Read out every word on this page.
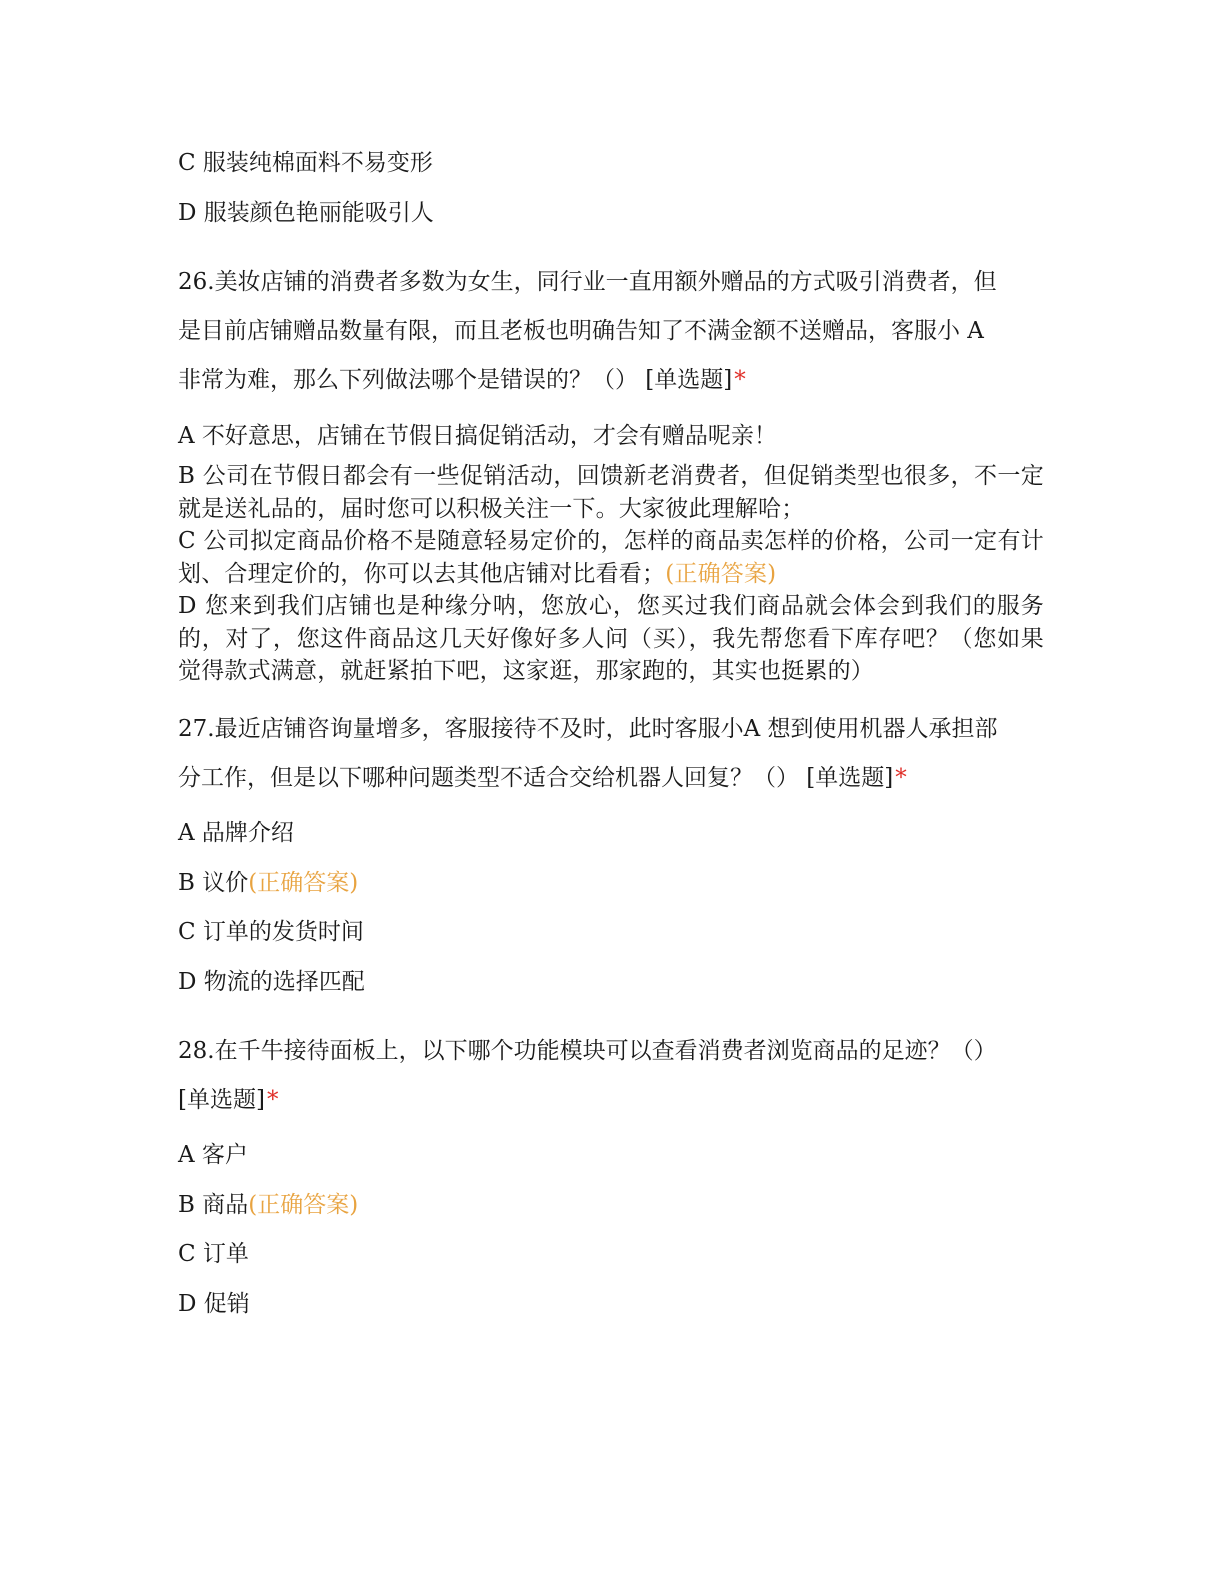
C 服装纯棉面料不易变形
D 服装颜色艳丽能吸引人
26.美妆店铺的消费者多数为女生，同行业一直用额外赠品的方式吸引消费者，但
是目前店铺赠品数量有限，而且老板也明确告知了不满金额不送赠品，客服小 A
非常为难，那么下列做法哪个是错误的？（） [单选题]*
A 不好意思，店铺在节假日搞促销活动，才会有赠品呢亲！
B 公司在节假日都会有一些促销活动，回馈新老消费者，但促销类型也很多，不一定就是送礼品的，届时您可以积极关注一下。大家彼此理解哈；
C 公司拟定商品价格不是随意轻易定价的，怎样的商品卖怎样的价格，公司一定有计划、合理定价的，你可以去其他店铺对比看看；(正确答案)
D 您来到我们店铺也是种缘分呐，您放心，您买过我们商品就会体会到我们的服务的，对了，您这件商品这几天好像好多人问（买），我先帮您看下库存吧？（您如果觉得款式满意，就赶紧拍下吧，这家逛，那家跑的，其实也挺累的）
27.最近店铺咨询量增多，客服接待不及时，此时客服小A 想到使用机器人承担部
分工作，但是以下哪种问题类型不适合交给机器人回复？（） [单选题]*
A 品牌介绍
B 议价(正确答案)
C 订单的发货时间
D 物流的选择匹配
28.在千牛接待面板上，以下哪个功能模块可以查看消费者浏览商品的足迹？（）
[单选题]*
A 客户
B 商品(正确答案)
C 订单
D 促销
